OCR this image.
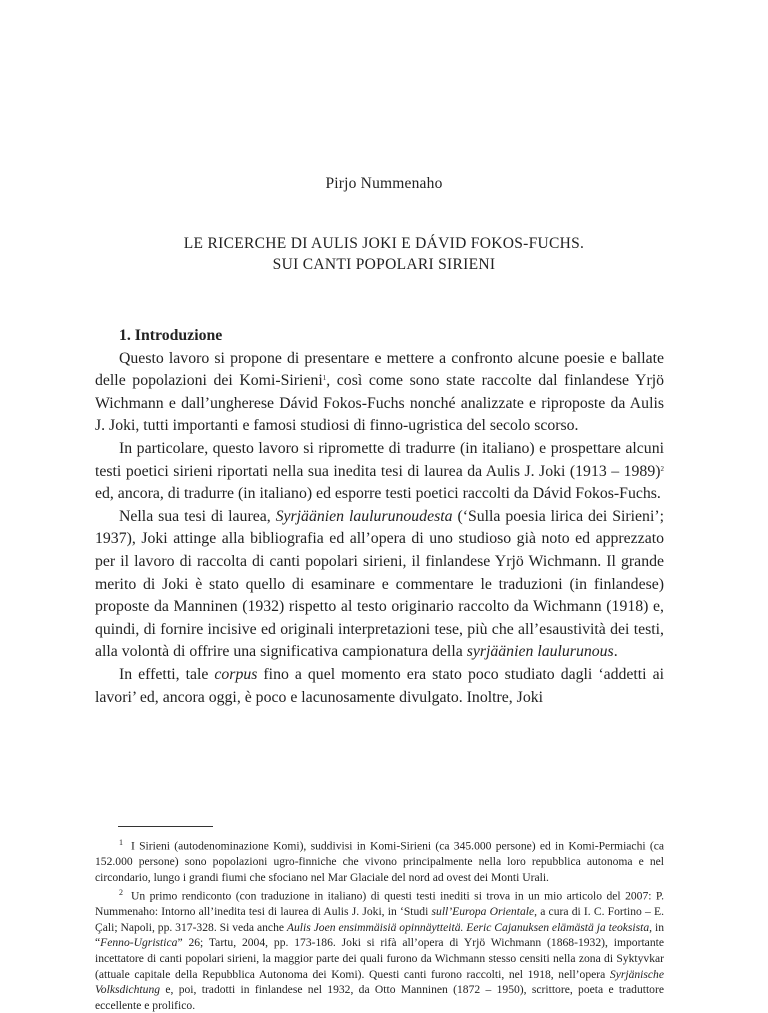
Pirjo Nummenaho
LE RICERCHE DI AULIS JOKI E DÁVID FOKOS-FUCHS.
SUI CANTI POPOLARI SIRIENI
1. Introduzione

Questo lavoro si propone di presentare e mettere a confronto alcune poesie e ballate delle popolazioni dei Komi-Sirieni$^1$, così come sono state raccolte dal finlandese Yrjö Wichmann e dall’ungherese Dávid Fokos-Fuchs nonché analizzate e riproposte da Aulis J. Joki, tutti importanti e famosi studiosi di finno-ugristica del secolo scorso.

In particolare, questo lavoro si ripromette di tradurre (in italiano) e prospettare alcuni testi poetici sirieni riportati nella sua inedita tesi di laurea da Aulis J. Joki (1913 – 1989)$^2$ ed, ancora, di tradurre (in italiano) ed esporre testi poetici raccolti da Dávid Fokos-Fuchs.

Nella sua tesi di laurea, Syrjäänien laulurunoudesta (‘Sulla poesia lirica dei Sirieni’; 1937), Joki attinge alla bibliografia ed all’opera di uno studioso già noto ed apprezzato per il lavoro di raccolta di canti popolari sirieni, il finlandese Yrjö Wichmann. Il grande merito di Joki è stato quello di esaminare e commentare le traduzioni (in finlandese) proposte da Manninen (1932) rispetto al testo originario raccolto da Wichmann (1918) e, quindi, di fornire incisive ed originali interpretazioni tese, più che all’esaustività dei testi, alla volontà di offrire una significativa campionatura della syrjäänien laulurunous.

In effetti, tale corpus fino a quel momento era stato poco studiato dagli ‘addetti ai lavori’ ed, ancora oggi, è poco e lacunosamente divulgato. Inoltre, Joki

$^1$ I Sirieni (autodenominazione Komi), suddivisi in Komi-Sirieni (ca 345.000 persone) ed in Komi-Permiachi (ca 152.000 persone) sono popolazioni ugro-finniche che vivono principalmente nella loro repubblica autonoma e nel circondario, lungo i grandi fiumi che sfociano nel Mar Glaciale del nord ad ovest dei Monti Urali.

$^2$ Un primo rendiconto (con traduzione in italiano) di questi testi inediti si trova in un mio articolo del 2007: P. Nummenaho: Intorno all’inedita tesi di laurea di Aulis J. Joki, in ‘Studi sull’Europa Orientale, a cura di I. C. Fortino – E. Çali; Napoli, pp. 317-328. Si veda anche Aulis Joen ensimmäisiä opinnäytteitä. Eeric Cajanuksen elämästä ja teoksista, in “Fenno-Ugristica” 26; Tartu, 2004, pp. 173-186. Joki si rifà all’opera di Yrjö Wichmann (1868-1932), importante incettatore di canti popolari sirieni, la maggior parte dei quali furono da Wichmann stesso censiti nella zona di Syktyvkar (attuale capitale della Repubblica Autonoma dei Komi). Questi canti furono raccolti, nel 1918, nell’opera Syrjänische Volksdichtung e, poi, tradotti in finlandese nel 1932, da Otto Manninen (1872 – 1950), scrittore, poeta e traduttore eccellente e prolifico.
